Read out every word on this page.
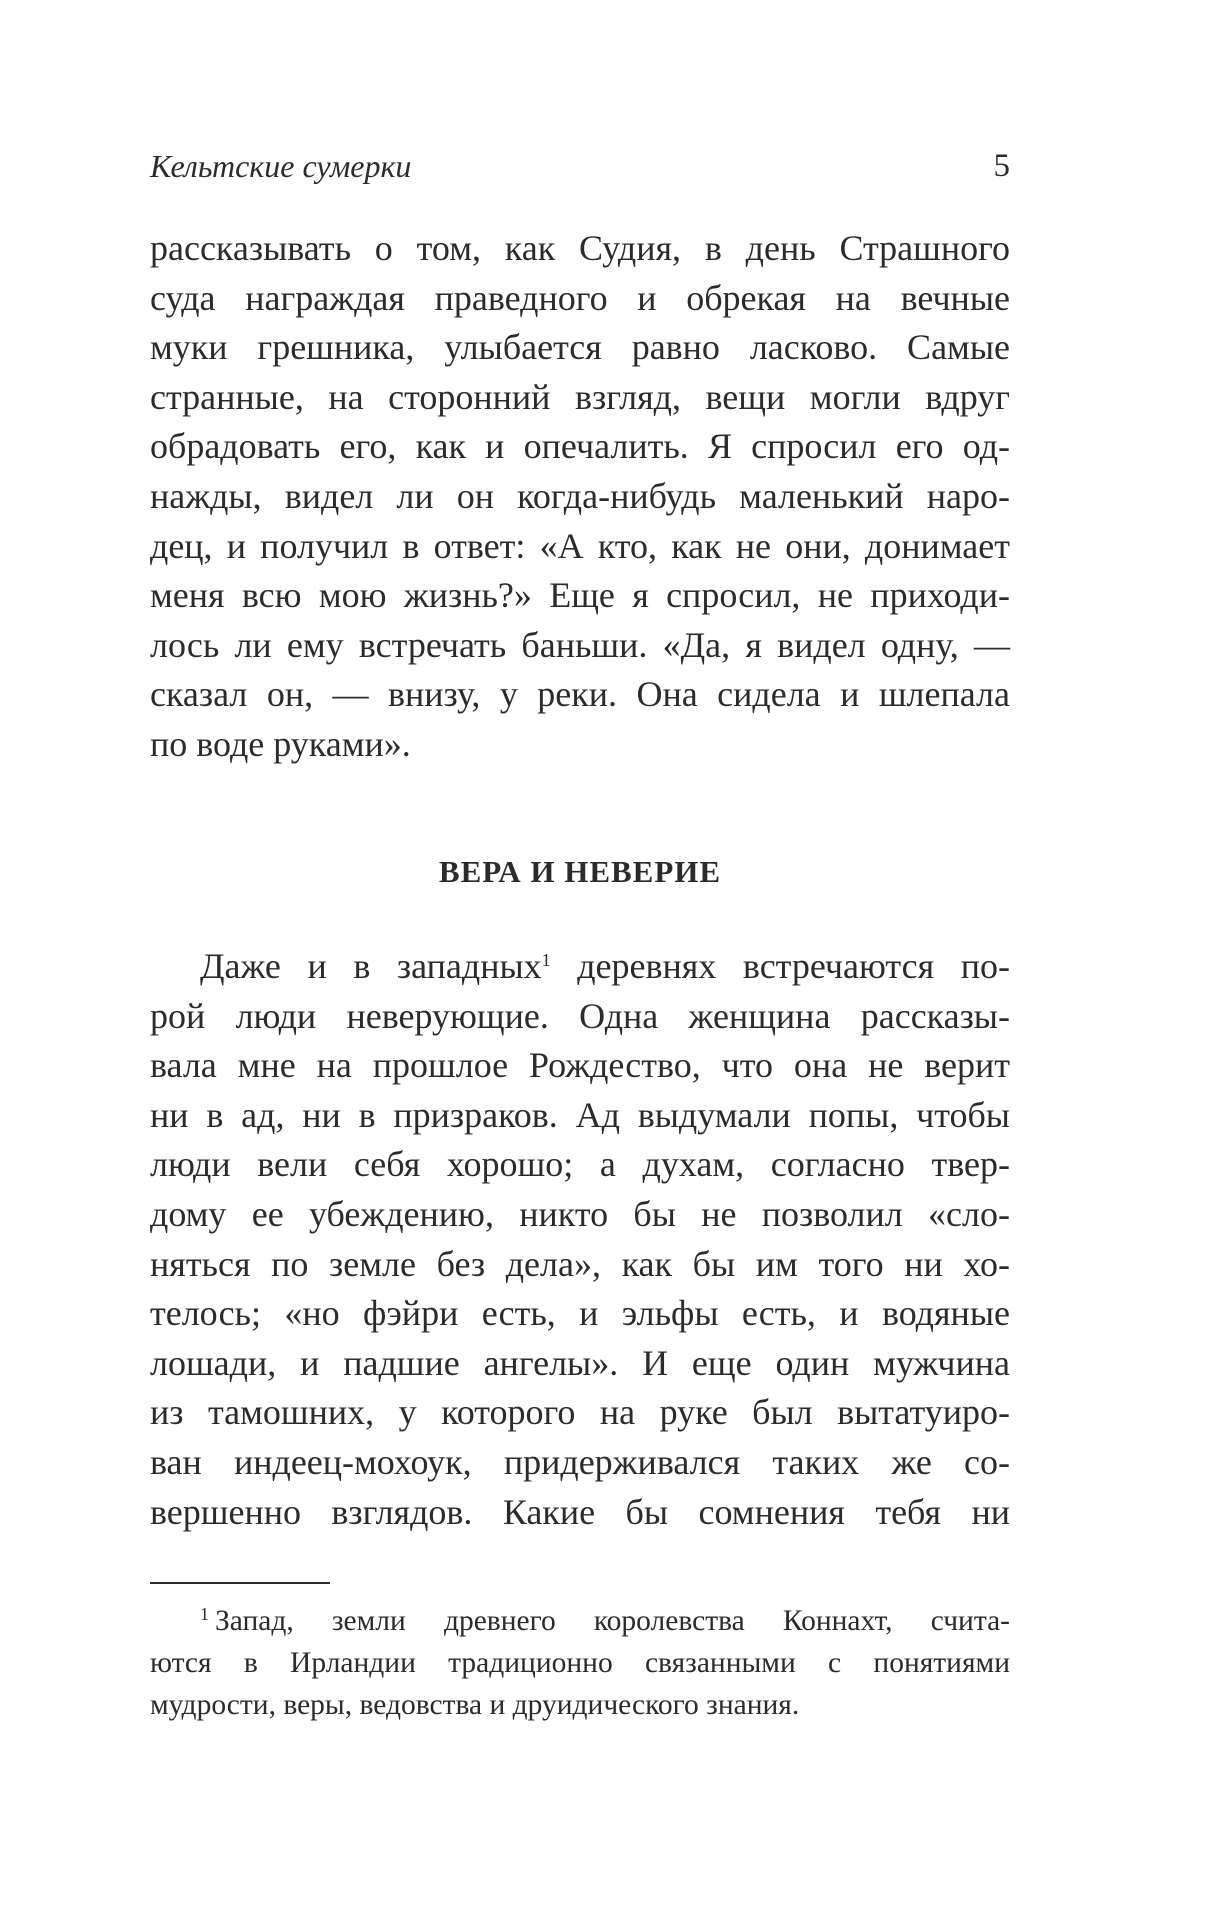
Кельтские сумерки	5
рассказывать о том, как Судия, в день Страшного
суда награждая праведного и обрекая на вечные
муки грешника, улыбается равно ласково. Самые
странные, на сторонний взгляд, вещи могли вдруг
обрадовать его, как и опечалить. Я спросил его од-
нажды, видел ли он когда-нибудь маленький наро-
дец, и получил в ответ: «А кто, как не они, донимает
меня всю мою жизнь?» Еще я спросил, не приходи-
лось ли ему встречать баньши. «Да, я видел одну, —
сказал он, — внизу, у реки. Она сидела и шлепала
по воде руками».
ВЕРА И НЕВЕРИЕ
Даже и в западных$^1$ деревнях встречаются по-
рой люди неверующие. Одна женщина рассказы-
вала мне на прошлое Рождество, что она не верит
ни в ад, ни в призраков. Ад выдумали попы, чтобы
люди вели себя хорошо; а духам, согласно твер-
дому ее убеждению, никто бы не позволил «сло-
няться по земле без дела», как бы им того ни хо-
телось; «но фэйри есть, и эльфы есть, и водяные
лошади, и падшие ангелы». И еще один мужчина
из тамошних, у которого на руке был вытатуиро-
ван индеец-мохоук, придерживался таких же со-
вершенно взглядов. Какие бы сомнения тебя ни
$^1$ Запад, земли древнего королевства Коннахт, счита-
ются в Ирландии традиционно связанными с понятиями
мудрости, веры, ведовства и друидического знания.
